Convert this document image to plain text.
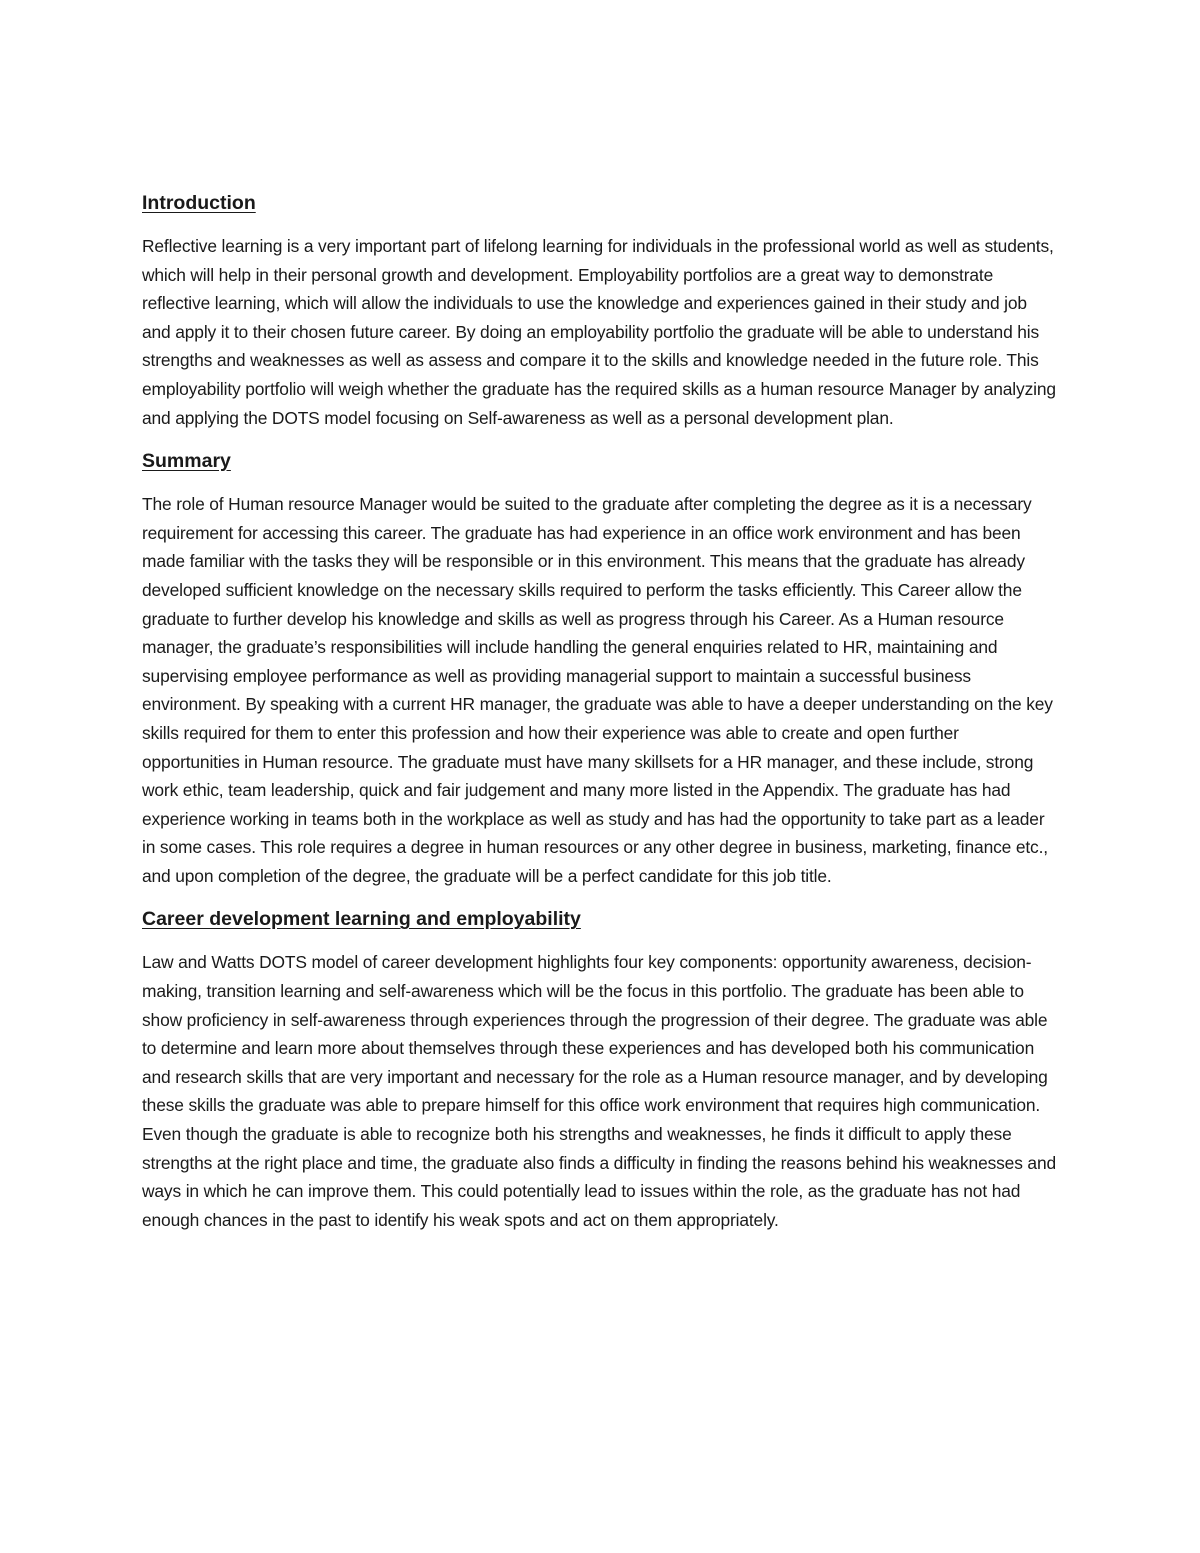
Introduction

Reflective learning is a very important part of lifelong learning for individuals in the professional world as well as students, which will help in their personal growth and development. Employability portfolios are a great way to demonstrate reflective learning, which will allow the individuals to use the knowledge and experiences gained in their study and job and apply it to their chosen future career. By doing an employability portfolio the graduate will be able to understand his strengths and weaknesses as well as assess and compare it to the skills and knowledge needed in the future role. This employability portfolio will weigh whether the graduate has the required skills as a human resource Manager by analyzing and applying the DOTS model focusing on Self-awareness as well as a personal development plan.

Summary

The role of Human resource Manager would be suited to the graduate after completing the degree as it is a necessary requirement for accessing this career. The graduate has had experience in an office work environment and has been made familiar with the tasks they will be responsible or in this environment. This means that the graduate has already developed sufficient knowledge on the necessary skills required to perform the tasks efficiently. This Career allow the graduate to further develop his knowledge and skills as well as progress through his Career. As a Human resource manager, the graduate’s responsibilities will include handling the general enquiries related to HR, maintaining and supervising employee performance as well as providing managerial support to maintain a successful business environment. By speaking with a current HR manager, the graduate was able to have a deeper understanding on the key skills required for them to enter this profession and how their experience was able to create and open further opportunities in Human resource. The graduate must have many skillsets for a HR manager, and these include, strong work ethic, team leadership, quick and fair judgement and many more listed in the Appendix. The graduate has had experience working in teams both in the workplace as well as study and has had the opportunity to take part as a leader in some cases. This role requires a degree in human resources or any other degree in business, marketing, finance etc., and upon completion of the degree, the graduate will be a perfect candidate for this job title.

Career development learning and employability

Law and Watts DOTS model of career development highlights four key components: opportunity awareness, decision-making, transition learning and self-awareness which will be the focus in this portfolio. The graduate has been able to show proficiency in self-awareness through experiences through the progression of their degree. The graduate was able to determine and learn more about themselves through these experiences and has developed both his communication and research skills that are very important and necessary for the role as a Human resource manager, and by developing these skills the graduate was able to prepare himself for this office work environment that requires high communication. Even though the graduate is able to recognize both his strengths and weaknesses, he finds it difficult to apply these strengths at the right place and time, the graduate also finds a difficulty in finding the reasons behind his weaknesses and ways in which he can improve them. This could potentially lead to issues within the role, as the graduate has not had enough chances in the past to identify his weak spots and act on them appropriately.
